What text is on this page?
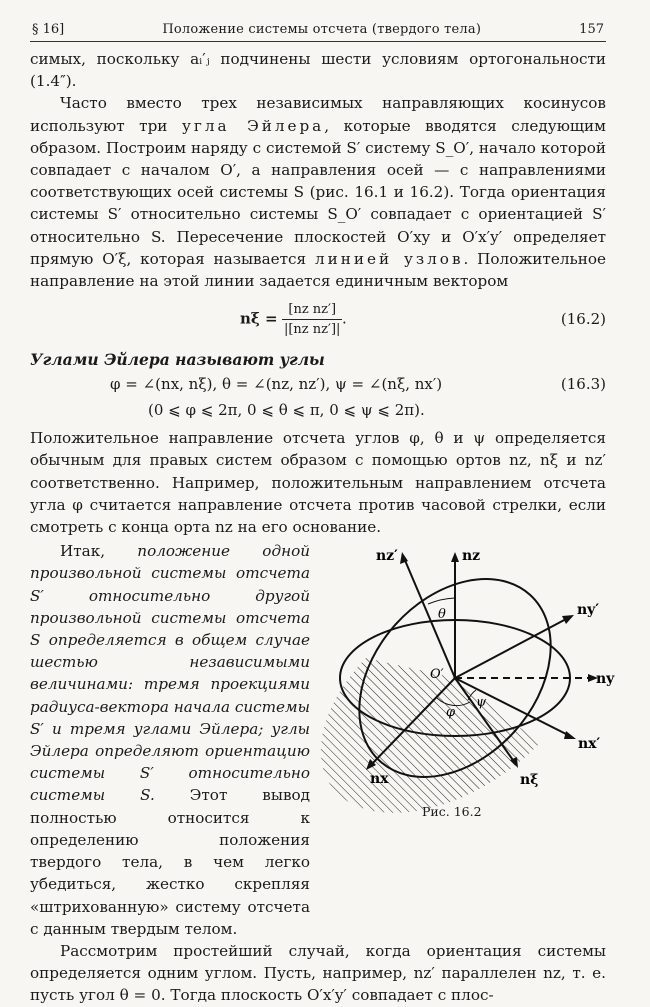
§ 16]	Положение системы отсчета (твердого тела)	157

симых, поскольку aᵢ′ⱼ подчинены шести условиям ортогональности (1.4″).

Часто вместо трех независимых направляющих косинусов используют три угла Эйлера, которые вводятся следующим образом. Построим наряду с системой S′ систему S_O′, начало которой совпадает с началом O′, а направления осей — с направлениями соответствующих осей системы S (рис. 16.1 и 16.2). Тогда ориентация системы S′ относительно системы S_O′ совпадает с ориентацией S′ относительно S. Пересечение плоскостей O′xy и O′x′y′ определяет прямую O′ξ, которая называется линией узлов. Положительное направление на этой линии задается единичным вектором

$n\xi = \frac{\text{[nz nz′]}}{\text{|[nz nz′]|}}$ .	(16.2)
Углами Эйлера называют углы
φ = ∠(nx, nξ), θ = ∠(nz, nz′), ψ = ∠(nξ, nx′)	(16.3)
(0 ⩽ φ ⩽ 2π, 0 ⩽ θ ⩽ π, 0 ⩽ ψ ⩽ 2π).

Положительное направление отсчета углов φ, θ и ψ определяется обычным для правых систем образом с помощью ортов nz, nξ и nz′ соответственно. Например, положительным направлением отсчета угла φ считается направление отсчета против часовой стрелки, если смотреть с конца орта nz на его основание.

nz′	nz
ny′
ny
nx′
nx	nξ
O′
θ
φ
ψ
Рис. 16.2

Итак, положение одной произвольной системы отсчета S′ относительно другой произвольной системы отсчета S определяется в общем случае шестью независимыми величинами: тремя проекциями радиуса-вектора начала системы S′ и тремя углами Эйлера; углы Эйлера определяют ориентацию системы S′ относительно системы S. Этот вывод полностью относится к определению положения твердого тела, в чем легко убедиться, жестко скрепляя «штрихованную» систему отсчета с данным твердым телом.

Рассмотрим простейший случай, когда ориентация системы определяется одним углом. Пусть, например, nz′ параллелен nz, т. е. пусть угол θ = 0. Тогда плоскость O′x′y′ совпадает с плос-
